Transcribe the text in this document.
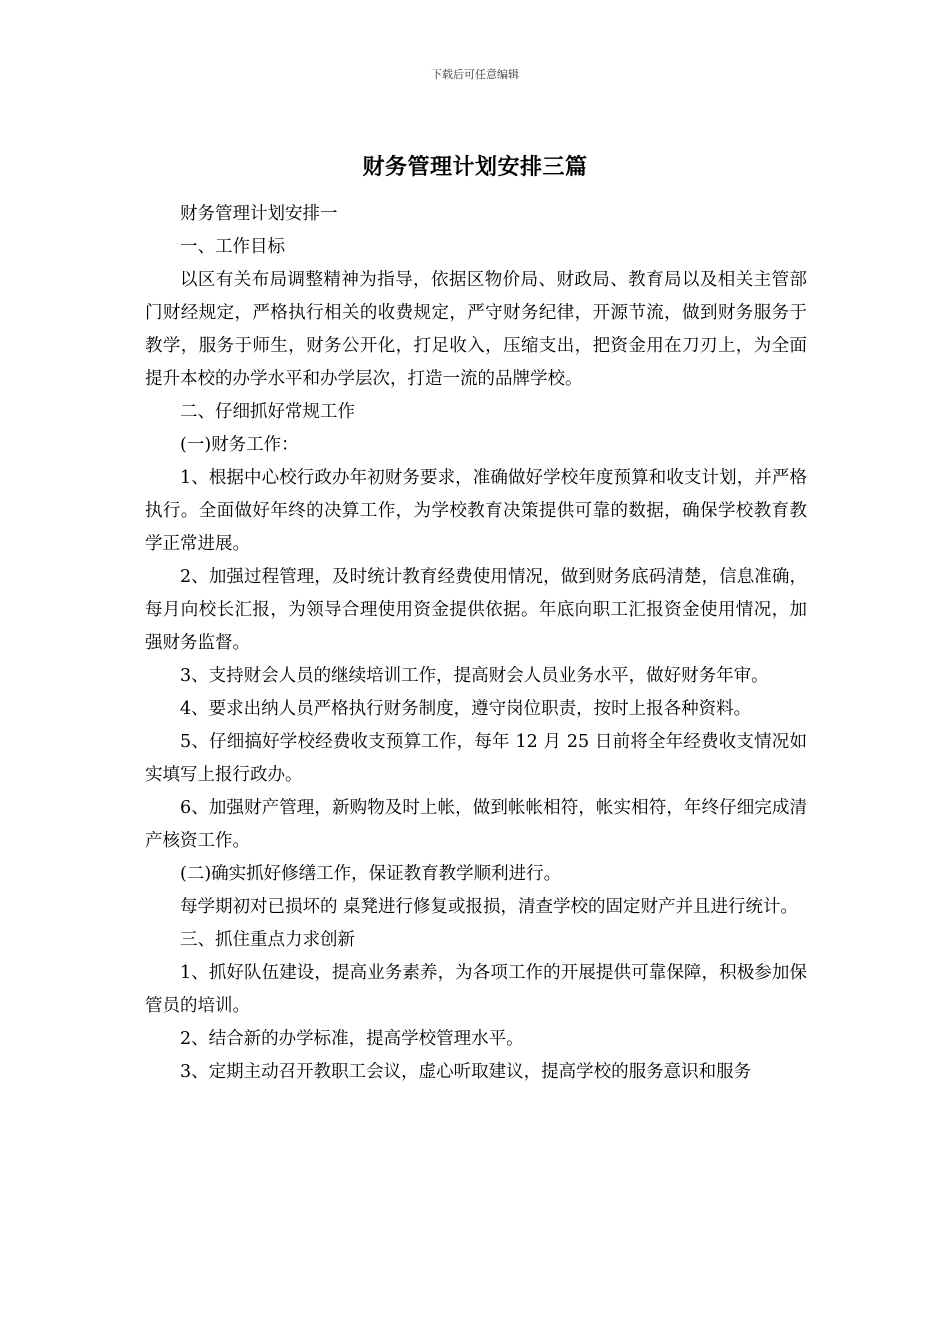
下载后可任意编辑
财务管理计划安排三篇

财务管理计划安排一

一、工作目标

以区有关布局调整精神为指导，依据区物价局、财政局、教育局以及相关主管部门财经规定，严格执行相关的收费规定，严守财务纪律，开源节流，做到财务服务于教学，服务于师生，财务公开化，打足收入，压缩支出，把资金用在刀刃上，为全面提升本校的办学水平和办学层次，打造一流的品牌学校。

二、仔细抓好常规工作

(一)财务工作：

1、根据中心校行政办年初财务要求，准确做好学校年度预算和收支计划，并严格执行。全面做好年终的决算工作，为学校教育决策提供可靠的数据，确保学校教育教学正常进展。

2、加强过程管理，及时统计教育经费使用情况，做到财务底码清楚，信息准确，每月向校长汇报，为领导合理使用资金提供依据。年底向职工汇报资金使用情况，加强财务监督。

3、支持财会人员的继续培训工作，提高财会人员业务水平，做好财务年审。

4、要求出纳人员严格执行财务制度，遵守岗位职责，按时上报各种资料。

5、仔细搞好学校经费收支预算工作，每年 12 月 25 日前将全年经费收支情况如实填写上报行政办。

6、加强财产管理，新购物及时上帐，做到帐帐相符，帐实相符，年终仔细完成清产核资工作。

(二)确实抓好修缮工作，保证教育教学顺利进行。

每学期初对已损坏的 桌凳进行修复或报损，清查学校的固定财产并且进行统计。

三、抓住重点力求创新

1、抓好队伍建设，提高业务素养，为各项工作的开展提供可靠保障，积极参加保管员的培训。

2、结合新的办学标准，提高学校管理水平。

3、定期主动召开教职工会议，虚心听取建议，提高学校的服务意识和服务
